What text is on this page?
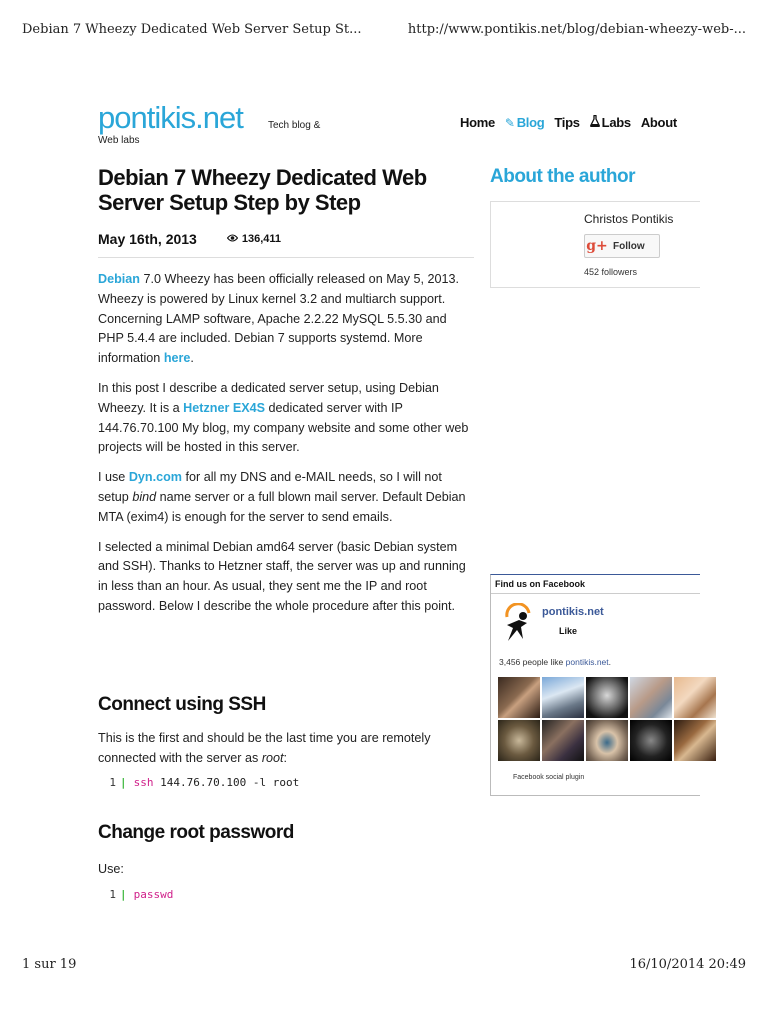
Debian 7 Wheezy Dedicated Web Server Setup St...	http://www.pontikis.net/blog/debian-wheezy-web-...
pontikis.net	Tech blog &
Web labs
Home ✎ Blog Tips Labs About
Debian 7 Wheezy Dedicated Web Server Setup Step by Step
May 16th, 2013	136,411

Debian 7.0 Wheezy has been officially released on May 5, 2013. Wheezy is powered by Linux kernel 3.2 and multiarch support. Concerning LAMP software, Apache 2.2.22 MySQL 5.5.30 and PHP 5.4.4 are included. Debian 7 supports systemd. More information here.

In this post I describe a dedicated server setup, using Debian Wheezy. It is a Hetzner EX4S dedicated server with IP 144.76.70.100 My blog, my company website and some other web projects will be hosted in this server.

I use Dyn.com for all my DNS and e-MAIL needs, so I will not setup bind name server or a full blown mail server. Default Debian MTA (exim4) is enough for the server to send emails.

I selected a minimal Debian amd64 server (basic Debian system and SSH). Thanks to Hetzner staff, the server was up and running in less than an hour. As usual, they sent me the IP and root password. Below I describe the whole procedure after this point.

Connect using SSH

This is the first and should be the last time you are remotely connected with the server as root:

1 | ssh 144.76.70.100 -l root
Change root password

Use:

1 | passwd
About the author
Christos Pontikis
g+ Follow
452 followers
Find us on Facebook
pontikis.net
Like
3,456 people like pontikis.net.
Facebook social plugin
1 sur 19	16/10/2014 20:49
